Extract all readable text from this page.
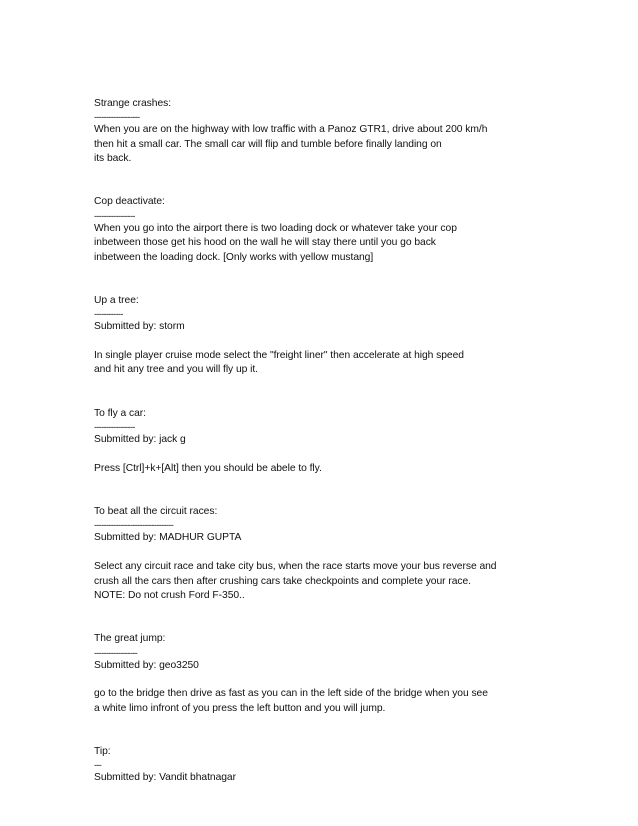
Strange crashes:
-------------------
When you are on the highway with low traffic with a Panoz GTR1, drive about 200 km/h
then hit a small car. The small car will flip and tumble before finally landing on
its back.
Cop deactivate:
-----------------
When you go into the airport there is two loading dock or whatever take your cop
inbetween those get his hood on the wall he will stay there until you go back
inbetween the loading dock. [Only works with yellow mustang]
Up a tree:
------------
Submitted by: storm
In single player cruise mode select the "freight liner" then accelerate at high speed
and hit any tree and you will fly up it.
To fly a car:
-----------------
Submitted by: jack g
Press [Ctrl]+k+[Alt] then you should be abele to fly.
To beat all the circuit races:
---------------------------------
Submitted by: MADHUR GUPTA
Select any circuit race and take city bus, when the race starts move your bus reverse and
crush all the cars then after crushing cars take checkpoints and complete your race.
NOTE: Do not crush Ford F-350..
The great jump:
------------------
Submitted by: geo3250
go to the bridge then drive as fast as you can in the left side of the bridge when you see
a white limo infront of you press the left button and you will jump.
Tip:
---
Submitted by: Vandit bhatnagar
